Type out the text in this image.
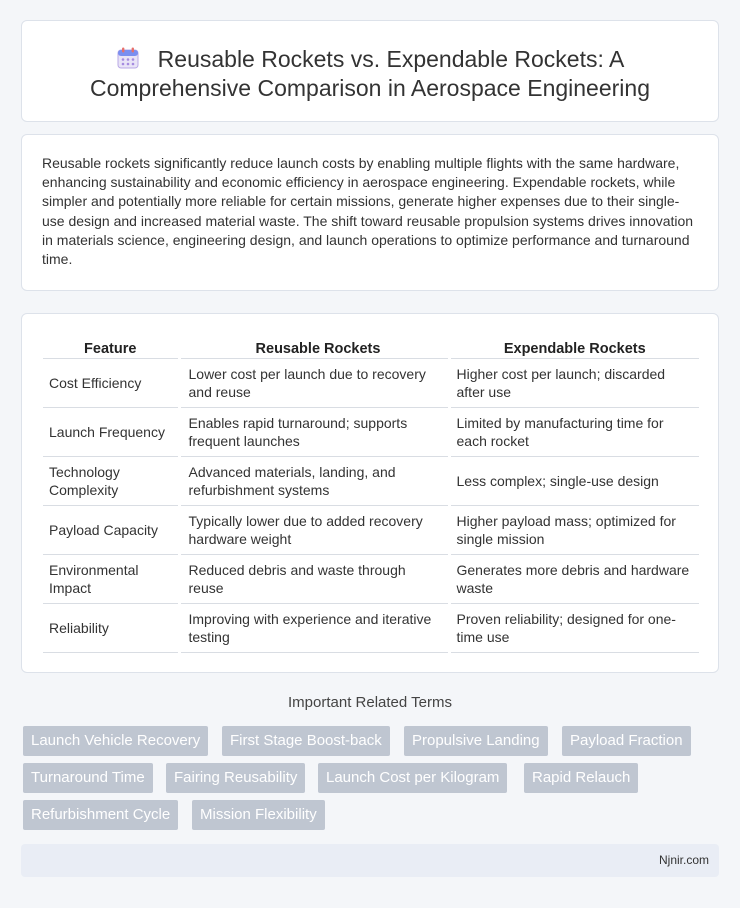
Reusable Rockets vs. Expendable Rockets: A
Comprehensive Comparison in Aerospace Engineering

Reusable rockets significantly reduce launch costs by enabling multiple flights with the same hardware, enhancing sustainability and economic efficiency in aerospace engineering. Expendable rockets, while simpler and potentially more reliable for certain missions, generate higher expenses due to their single-use design and increased material waste. The shift toward reusable propulsion systems drives innovation in materials science, engineering design, and launch operations to optimize performance and turnaround time.

Feature	Reusable Rockets	Expendable Rockets
Cost Efficiency	Lower cost per launch due to recovery and reuse	Higher cost per launch; discarded after use
Launch Frequency	Enables rapid turnaround; supports frequent launches	Limited by manufacturing time for each rocket
Technology Complexity	Advanced materials, landing, and refurbishment systems	Less complex; single-use design
Payload Capacity	Typically lower due to added recovery hardware weight	Higher payload mass; optimized for single mission
Environmental Impact	Reduced debris and waste through reuse	Generates more debris and hardware waste
Reliability	Improving with experience and iterative testing	Proven reliability; designed for one-time use
Important Related Terms
Launch Vehicle Recovery	First Stage Boost-back	Propulsive Landing	Payload Fraction
Turnaround Time	Fairing Reusability	Launch Cost per Kilogram	Rapid Relauch
Refurbishment Cycle	Mission Flexibility
Njnir.com
